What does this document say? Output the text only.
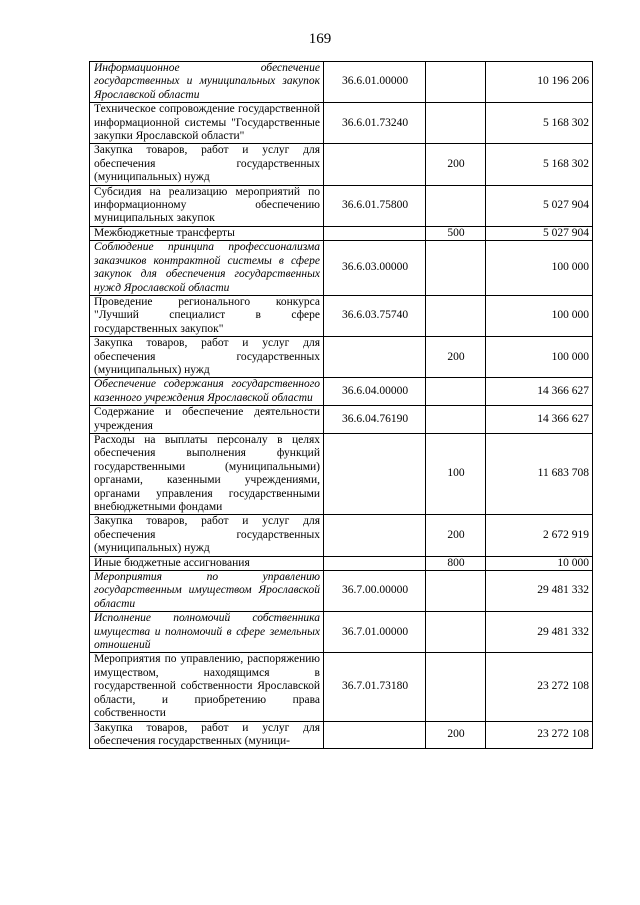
169
Информационное обеспечение государственных и муниципальных закупок Ярославской области	36.6.01.00000		10 196 206
Техническое сопровождение государственной информационной системы "Государственные закупки Ярославской области"	36.6.01.73240		5 168 302
Закупка товаров, работ и услуг для обеспечения государственных (муниципальных) нужд		200	5 168 302
Субсидия на реализацию мероприятий по информационному обеспечению муниципальных закупок	36.6.01.75800		5 027 904
Межбюджетные трансферты		500	5 027 904
Соблюдение принципа профессионализма заказчиков контрактной системы в сфере закупок для обеспечения государственных нужд Ярославской области	36.6.03.00000		100 000
Проведение регионального конкурса "Лучший специалист в сфере государственных закупок"	36.6.03.75740		100 000
Закупка товаров, работ и услуг для обеспечения государственных (муниципальных) нужд		200	100 000
Обеспечение содержания государственного казенного учреждения Ярославской области	36.6.04.00000		14 366 627
Содержание и обеспечение деятельности учреждения	36.6.04.76190		14 366 627
Расходы на выплаты персоналу в целях обеспечения выполнения функций государственными (муниципальными) органами, казенными учреждениями, органами управления государственными внебюджетными фондами		100	11 683 708
Закупка товаров, работ и услуг для обеспечения государственных (муниципальных) нужд		200	2 672 919
Иные бюджетные ассигнования		800	10 000
Мероприятия по управлению государственным имуществом Ярославской области	36.7.00.00000		29 481 332
Исполнение полномочий собственника имущества и полномочий в сфере земельных отношений	36.7.01.00000		29 481 332
Мероприятия по управлению, распоряжению имуществом, находящимся в государственной собственности Ярославской области, и приобретению права собственности	36.7.01.73180		23 272 108
Закупка товаров, работ и услуг для обеспечения государственных (муници-		200	23 272 108
